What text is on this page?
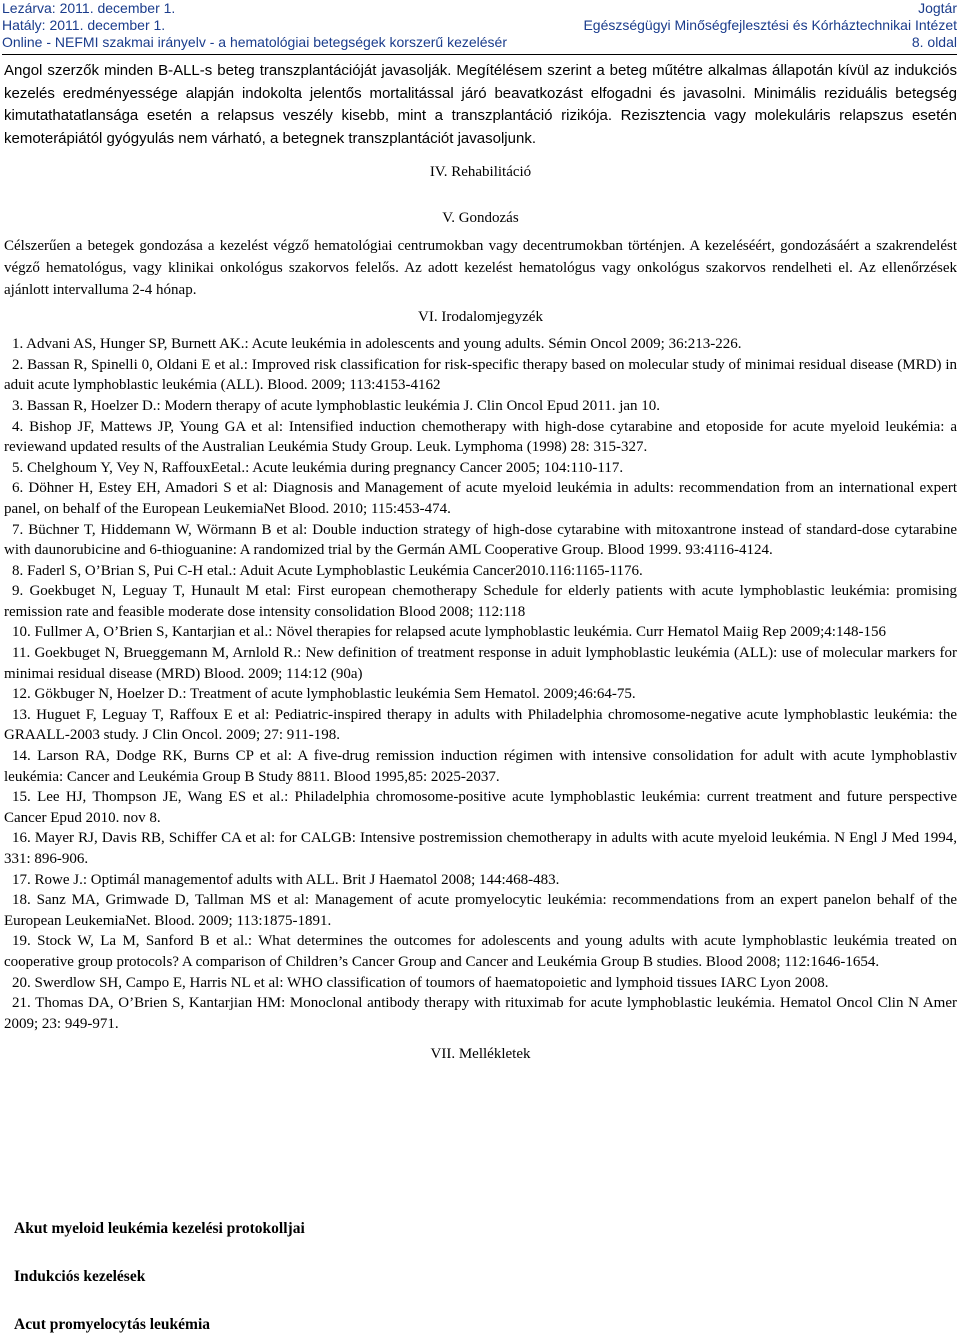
Lezárva: 2011. december 1.
Hatály: 2011. december 1.
Online - NEFMI szakmai irányelv - a hematológiai betegségek korszerű kezelésér
Jogtár
Egészségügyi Minőségfejlesztési és Kórháztechnikai Intézet
8. oldal

Angol szerzők minden B-ALL-s beteg transzplantációját javasolják. Megítélésem szerint a beteg műtétre alkalmas állapotán kívül az indukciós kezelés eredményessége alapján indokolta jelentős mortalitással járó beavatkozást elfogadni és javasolni. Minimális reziduális betegség kimutathatatlansága esetén a relapsus veszély kisebb, mint a transzplantáció rizikója. Rezisztencia vagy molekuláris relapszus esetén kemoterápiától gyógyulás nem várható, a betegnek transzplantációt javasoljunk.

IV. Rehabilitáció

V. Gondozás

Célszerűen a betegek gondozása a kezelést végző hematológiai centrumokban vagy decentrumokban történjen. A kezeléséért, gondozásáért a szakrendelést végző hematológus, vagy klinikai onkológus szakorvos felelős. Az adott kezelést hematológus vagy onkológus szakorvos rendelheti el. Az ellenőrzések ajánlott intervalluma 2-4 hónap.

VI. Irodalomjegyzék

1. Advani AS, Hunger SP, Burnett AK.: Acute leukémia in adolescents and young adults. Sémin Oncol 2009; 36:213-226.

2. Bassan R, Spinelli 0, Oldani E et al.: Improved risk classification for risk-specific therapy based on molecular study of minimai residual disease (MRD) in aduit acute lymphoblastic leukémia (ALL). Blood. 2009; 113:4153-4162

3. Bassan R, Hoelzer D.: Modern therapy of acute lymphoblastic leukémia J. Clin Oncol Epud 2011. jan 10.

4. Bishop JF, Mattews JP, Young GA et al: Intensified induction chemotherapy with high-dose cytarabine and etoposide for acute myeloid leukémia: a reviewand updated results of the Australian Leukémia Study Group. Leuk. Lymphoma (1998) 28: 315-327.

5. Chelghoum Y, Vey N, RaffouxEetal.: Acute leukémia during pregnancy Cancer 2005; 104:110-117.

6. Döhner H, Estey EH, Amadori S et al: Diagnosis and Management of acute myeloid leukémia in adults: recommendation from an international expert panel, on behalf of the European LeukemiaNet Blood. 2010; 115:453-474.

7. Büchner T, Hiddemann W, Wörmann B et al: Double induction strategy of high-dose cytarabine with mitoxantrone instead of standard-dose cytarabine with daunorubicine and 6-thioguanine: A randomized trial by the Germán AML Cooperative Group. Blood 1999. 93:4116-4124.

8. Faderl S, O’Brian S, Pui C-H etal.: Aduit Acute Lymphoblastic Leukémia Cancer2010.116:1165-1176.

9. Goekbuget N, Leguay T, Hunault M etal: First european chemotherapy Schedule for elderly patients with acute lymphoblastic leukémia: promising remission rate and feasible moderate dose intensity consolidation Blood 2008; 112:118

10. Fullmer A, O’Brien S, Kantarjian et al.: Növel therapies for relapsed acute lymphoblastic leukémia. Curr Hematol Maiig Rep 2009;4:148-156

11. Goekbuget N, Brueggemann M, Arnlold R.: New definition of treatment response in aduit lymphoblastic leukémia (ALL): use of molecular markers for minimai residual disease (MRD) Blood. 2009; 114:12 (90a)

12. Gökbuger N, Hoelzer D.: Treatment of acute lymphoblastic leukémia Sem Hematol. 2009;46:64-75.

13. Huguet F, Leguay T, Raffoux E et al: Pediatric-inspired therapy in adults with Philadelphia chromosome-negative acute lymphoblastic leukémia: the GRAALL-2003 study. J Clin Oncol. 2009; 27: 911-198.

14. Larson RA, Dodge RK, Burns CP et al: A five-drug remission induction régimen with intensive consolidation for adult with acute lymphoblastiv leukémia: Cancer and Leukémia Group B Study 8811. Blood 1995,85: 2025-2037.

15. Lee HJ, Thompson JE, Wang ES et al.: Philadelphia chromosome-positive acute lymphoblastic leukémia: current treatment and future perspective Cancer Epud 2010. nov 8.

16. Mayer RJ, Davis RB, Schiffer CA et al: for CALGB: Intensive postremission chemotherapy in adults with acute myeloid leukémia. N Engl J Med 1994, 331: 896-906.

17. Rowe J.: Optimál managementof adults with ALL. Brit J Haematol 2008; 144:468-483.

18. Sanz MA, Grimwade D, Tallman MS et al: Management of acute promyelocytic leukémia: recommendations from an expert panelon behalf of the European LeukemiaNet. Blood. 2009; 113:1875-1891.

19. Stock W, La M, Sanford B et al.: What determines the outcomes for adolescents and young adults with acute lymphoblastic leukémia treated on cooperative group protocols? A comparison of Children’s Cancer Group and Cancer and Leukémia Group B studies. Blood 2008; 112:1646-1654.

20. Swerdlow SH, Campo E, Harris NL et al: WHO classification of toumors of haematopoietic and lymphoid tissues IARC Lyon 2008.

21. Thomas DA, O’Brien S, Kantarjian HM: Monoclonal antibody therapy with rituximab for acute lymphoblastic leukémia. Hematol Oncol Clin N Amer 2009; 23: 949-971.

VII. Mellékletek

Akut myeloid leukémia kezelési protokolljai

Indukciós kezelések

Acut promyelocytás leukémia
